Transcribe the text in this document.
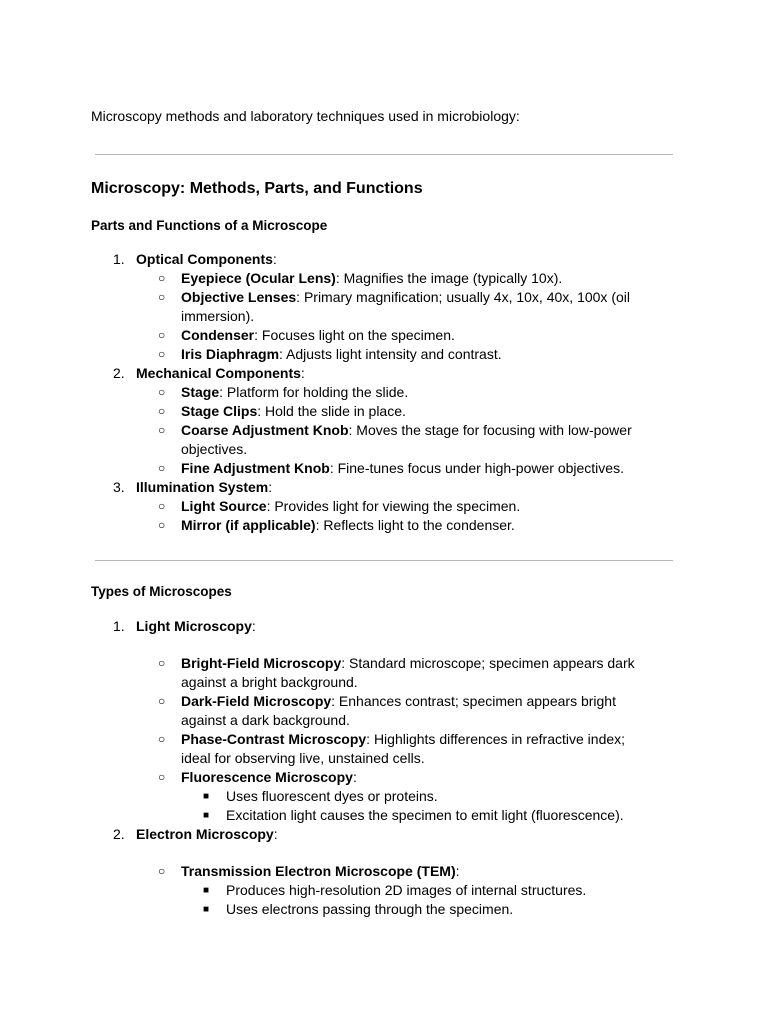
Microscopy methods and laboratory techniques used in microbiology:

Microscopy: Methods, Parts, and Functions
Parts and Functions of a Microscope
1. Optical Components:
○ Eyepiece (Ocular Lens): Magnifies the image (typically 10x).
○ Objective Lenses: Primary magnification; usually 4x, 10x, 40x, 100x (oil immersion).
○ Condenser: Focuses light on the specimen.
○ Iris Diaphragm: Adjusts light intensity and contrast.
2. Mechanical Components:
○ Stage: Platform for holding the slide.
○ Stage Clips: Hold the slide in place.
○ Coarse Adjustment Knob: Moves the stage for focusing with low-power objectives.
○ Fine Adjustment Knob: Fine-tunes focus under high-power objectives.
3. Illumination System:
○ Light Source: Provides light for viewing the specimen.
○ Mirror (if applicable): Reflects light to the condenser.
Types of Microscopes
1. Light Microscopy:
○ Bright-Field Microscopy: Standard microscope; specimen appears dark against a bright background.
○ Dark-Field Microscopy: Enhances contrast; specimen appears bright against a dark background.
○ Phase-Contrast Microscopy: Highlights differences in refractive index; ideal for observing live, unstained cells.
○ Fluorescence Microscopy:
■ Uses fluorescent dyes or proteins.
■ Excitation light causes the specimen to emit light (fluorescence).
2. Electron Microscopy:
○ Transmission Electron Microscope (TEM):
■ Produces high-resolution 2D images of internal structures.
■ Uses electrons passing through the specimen.
